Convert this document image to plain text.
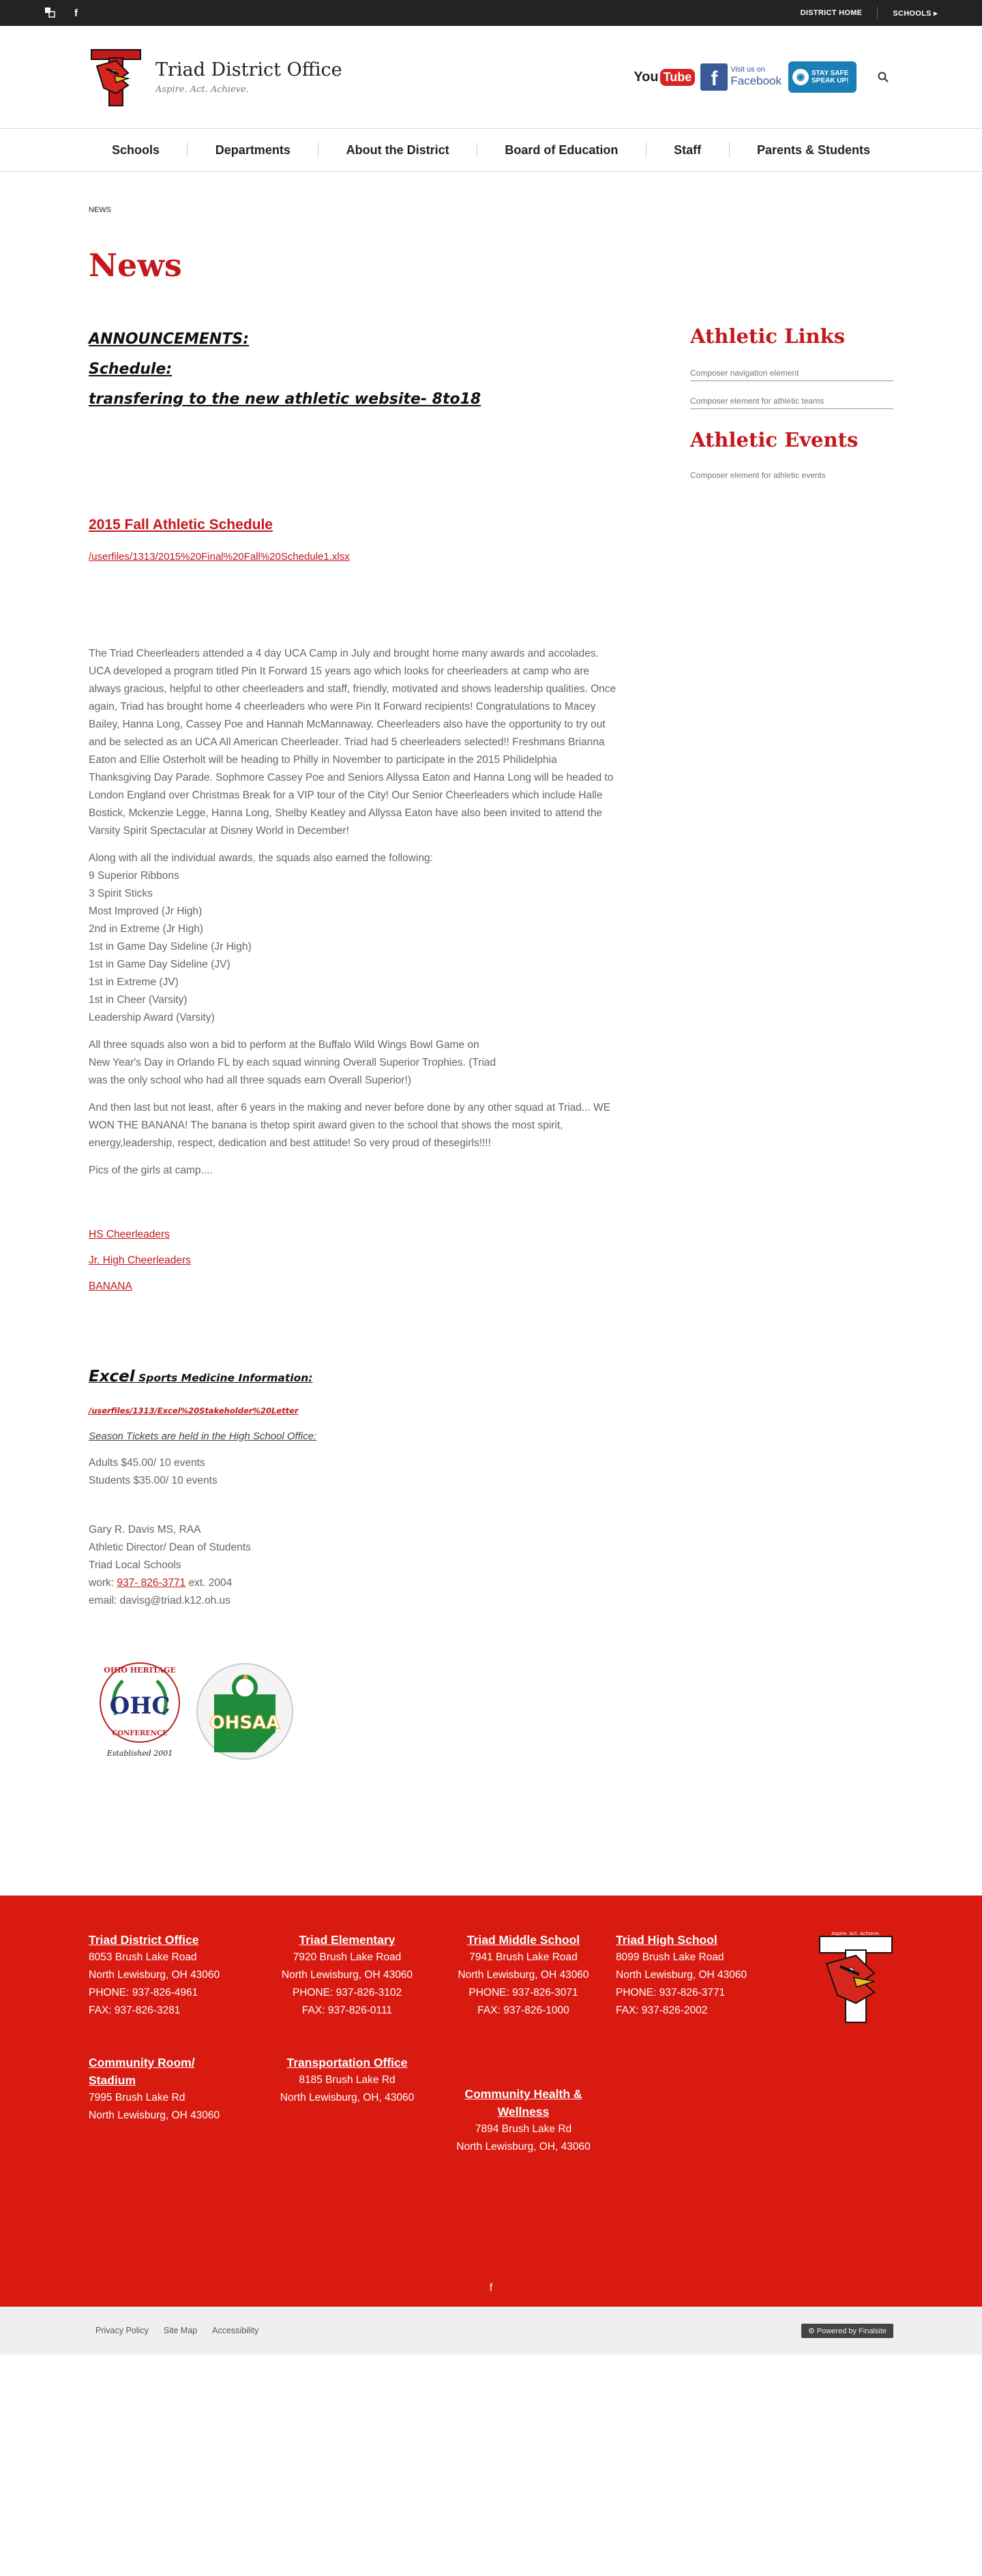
f	DISTRICT HOME	SCHOOLS ▸
Triad District Office
Aspire. Act. Achieve.
You Tube f	Visit us on
Facebook	◉ STAY SAFE
SPEAK UP!
Schools	Departments	About the District	Board of Education	Staff	Parents & Students
NEWS
News
ANNOUNCEMENTS:
Schedule:
transfering to the new athletic website- 8to18
2015 Fall Athletic Schedule
/userfiles/1313/2015%20Final%20Fall%20Schedule1.xlsx

The Triad Cheerleaders attended a 4 day UCA Camp in July and brought home many awards and accolades. UCA developed a program titled Pin It Forward 15 years ago which looks for cheerleaders at camp who are always gracious, helpful to other cheerleaders and staff, friendly, motivated and shows leadership qualities. Once again, Triad has brought home 4 cheerleaders who were Pin It Forward recipients! Congratulations to Macey Bailey, Hanna Long, Cassey Poe and Hannah McMannaway. Cheerleaders also have the opportunity to try out and be selected as an UCA All American Cheerleader. Triad had 5 cheerleaders selected!! Freshmans Brianna Eaton and Ellie Osterholt will be heading to Philly in November to participate in the 2015 Philidelphia Thanksgiving Day Parade. Sophmore Cassey Poe and Seniors Allyssa Eaton and Hanna Long will be headed to London England over Christmas Break for a VIP tour of the City! Our Senior Cheerleaders which include Halle Bostick, Mckenzie Legge, Hanna Long, Shelby Keatley and Allyssa Eaton have also been invited to attend the Varsity Spirit Spectacular at Disney World in December!

Along with all the individual awards, the squads also earned the following:
9 Superior Ribbons
3 Spirit Sticks
Most Improved (Jr High)
2nd in Extreme (Jr High)
1st in Game Day Sideline (Jr High)
1st in Game Day Sideline (JV)
1st in Extreme (JV)
1st in Cheer (Varsity)
Leadership Award (Varsity)

All three squads also won a bid to perform at the Buffalo Wild Wings Bowl Game on New Year's Day in Orlando FL by each squad winning Overall Superior Trophies. (Triad was the only school who had all three squads earn Overall Superior!)

And then last but not least, after 6 years in the making and never before done by any other squad at Triad... WE WON THE BANANA! The banana is thetop spirit award given to the school that shows the most spirit, energy,leadership, respect, dedication and best attitude! So very proud of thesegirls!!!!

Pics of the girls at camp....

HS Cheerleaders
Jr. High Cheerleaders
BANANA
Excel Sports Medicine Information:
/userfiles/1313/Excel%20Stakeholder%20Letter
Season Tickets are held in the High School Office:
Adults $45.00/ 10 events
Students $35.00/ 10 events
Gary R. Davis MS, RAA
Athletic Director/ Dean of Students
Triad Local Schools
work: 937- 826-3771 ext. 2004
email: davisg@triad.k12.oh.us
OHIO HERITAGE
OHC
CONFERENCE
Established 2001

OHSAA
Athletic Links
Composer navigation element
Composer element for athletic teams
Athletic Events
Composer element for athletic events
Triad District Office
8053 Brush Lake Road
North Lewisburg, OH 43060
PHONE: 937-826-4961
FAX: 937-826-3281
Triad Elementary
7920 Brush Lake Road
North Lewisburg, OH 43060
PHONE: 937-826-3102
FAX: 937-826-0111
Triad Middle School
7941 Brush Lake Road
North Lewisburg, OH 43060
PHONE: 937-826-3071
FAX: 937-826-1000
Triad High School
8099 Brush Lake Road
North Lewisburg, OH 43060
PHONE: 937-826-3771
FAX: 937-826-2002
Community Room/
Stadium
7995 Brush Lake Rd
North Lewisburg, OH 43060
Transportation Office
8185 Brush Lake Rd
North Lewisburg, OH, 43060	Community Health &
Wellness
7894 Brush Lake Rd
North Lewisburg, OH, 43060
Aspire. Act. Achieve.
f
Privacy Policy Site Map Accessibility	⚙ Powered by Finalsite
